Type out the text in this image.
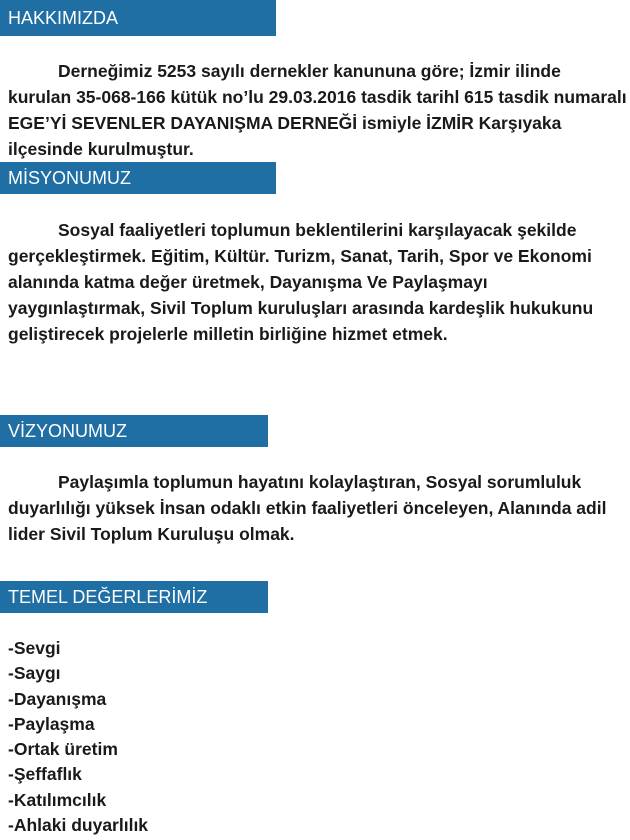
HAKKIMIZDA

Derneğimiz 5253 sayılı dernekler kanununa göre; İzmir ilinde kurulan 35-068-166 kütük no’lu 29.03.2016 tasdik tarihl 615 tasdik numaralı EGE’Yİ SEVENLER DAYANIŞMA DERNEĞİ ismiyle İZMİR Karşıyaka ilçesinde kurulmuştur.

MİSYONUMUZ

Sosyal faaliyetleri toplumun beklentilerini karşılayacak şekilde gerçekleştirmek. Eğitim, Kültür. Turizm, Sanat, Tarih, Spor ve Ekonomi alanında katma değer üretmek, Dayanışma Ve Paylaşmayı yaygınlaştırmak, Sivil Toplum kuruluşları arasında kardeşlik hukukunu geliştirecek projelerle milletin birliğine hizmet etmek.

VİZYONUMUZ

Paylaşımla toplumun hayatını kolaylaştıran, Sosyal sorumluluk duyarlılığı yüksek İnsan odaklı etkin faaliyetleri önceleyen, Alanında adil lider Sivil Toplum Kuruluşu olmak.

TEMEL DEĞERLERİMİZ
-Sevgi
-Saygı
-Dayanışma
-Paylaşma
-Ortak üretim
-Şeffaflık
-Katılımcılık
-Ahlaki duyarlılık
